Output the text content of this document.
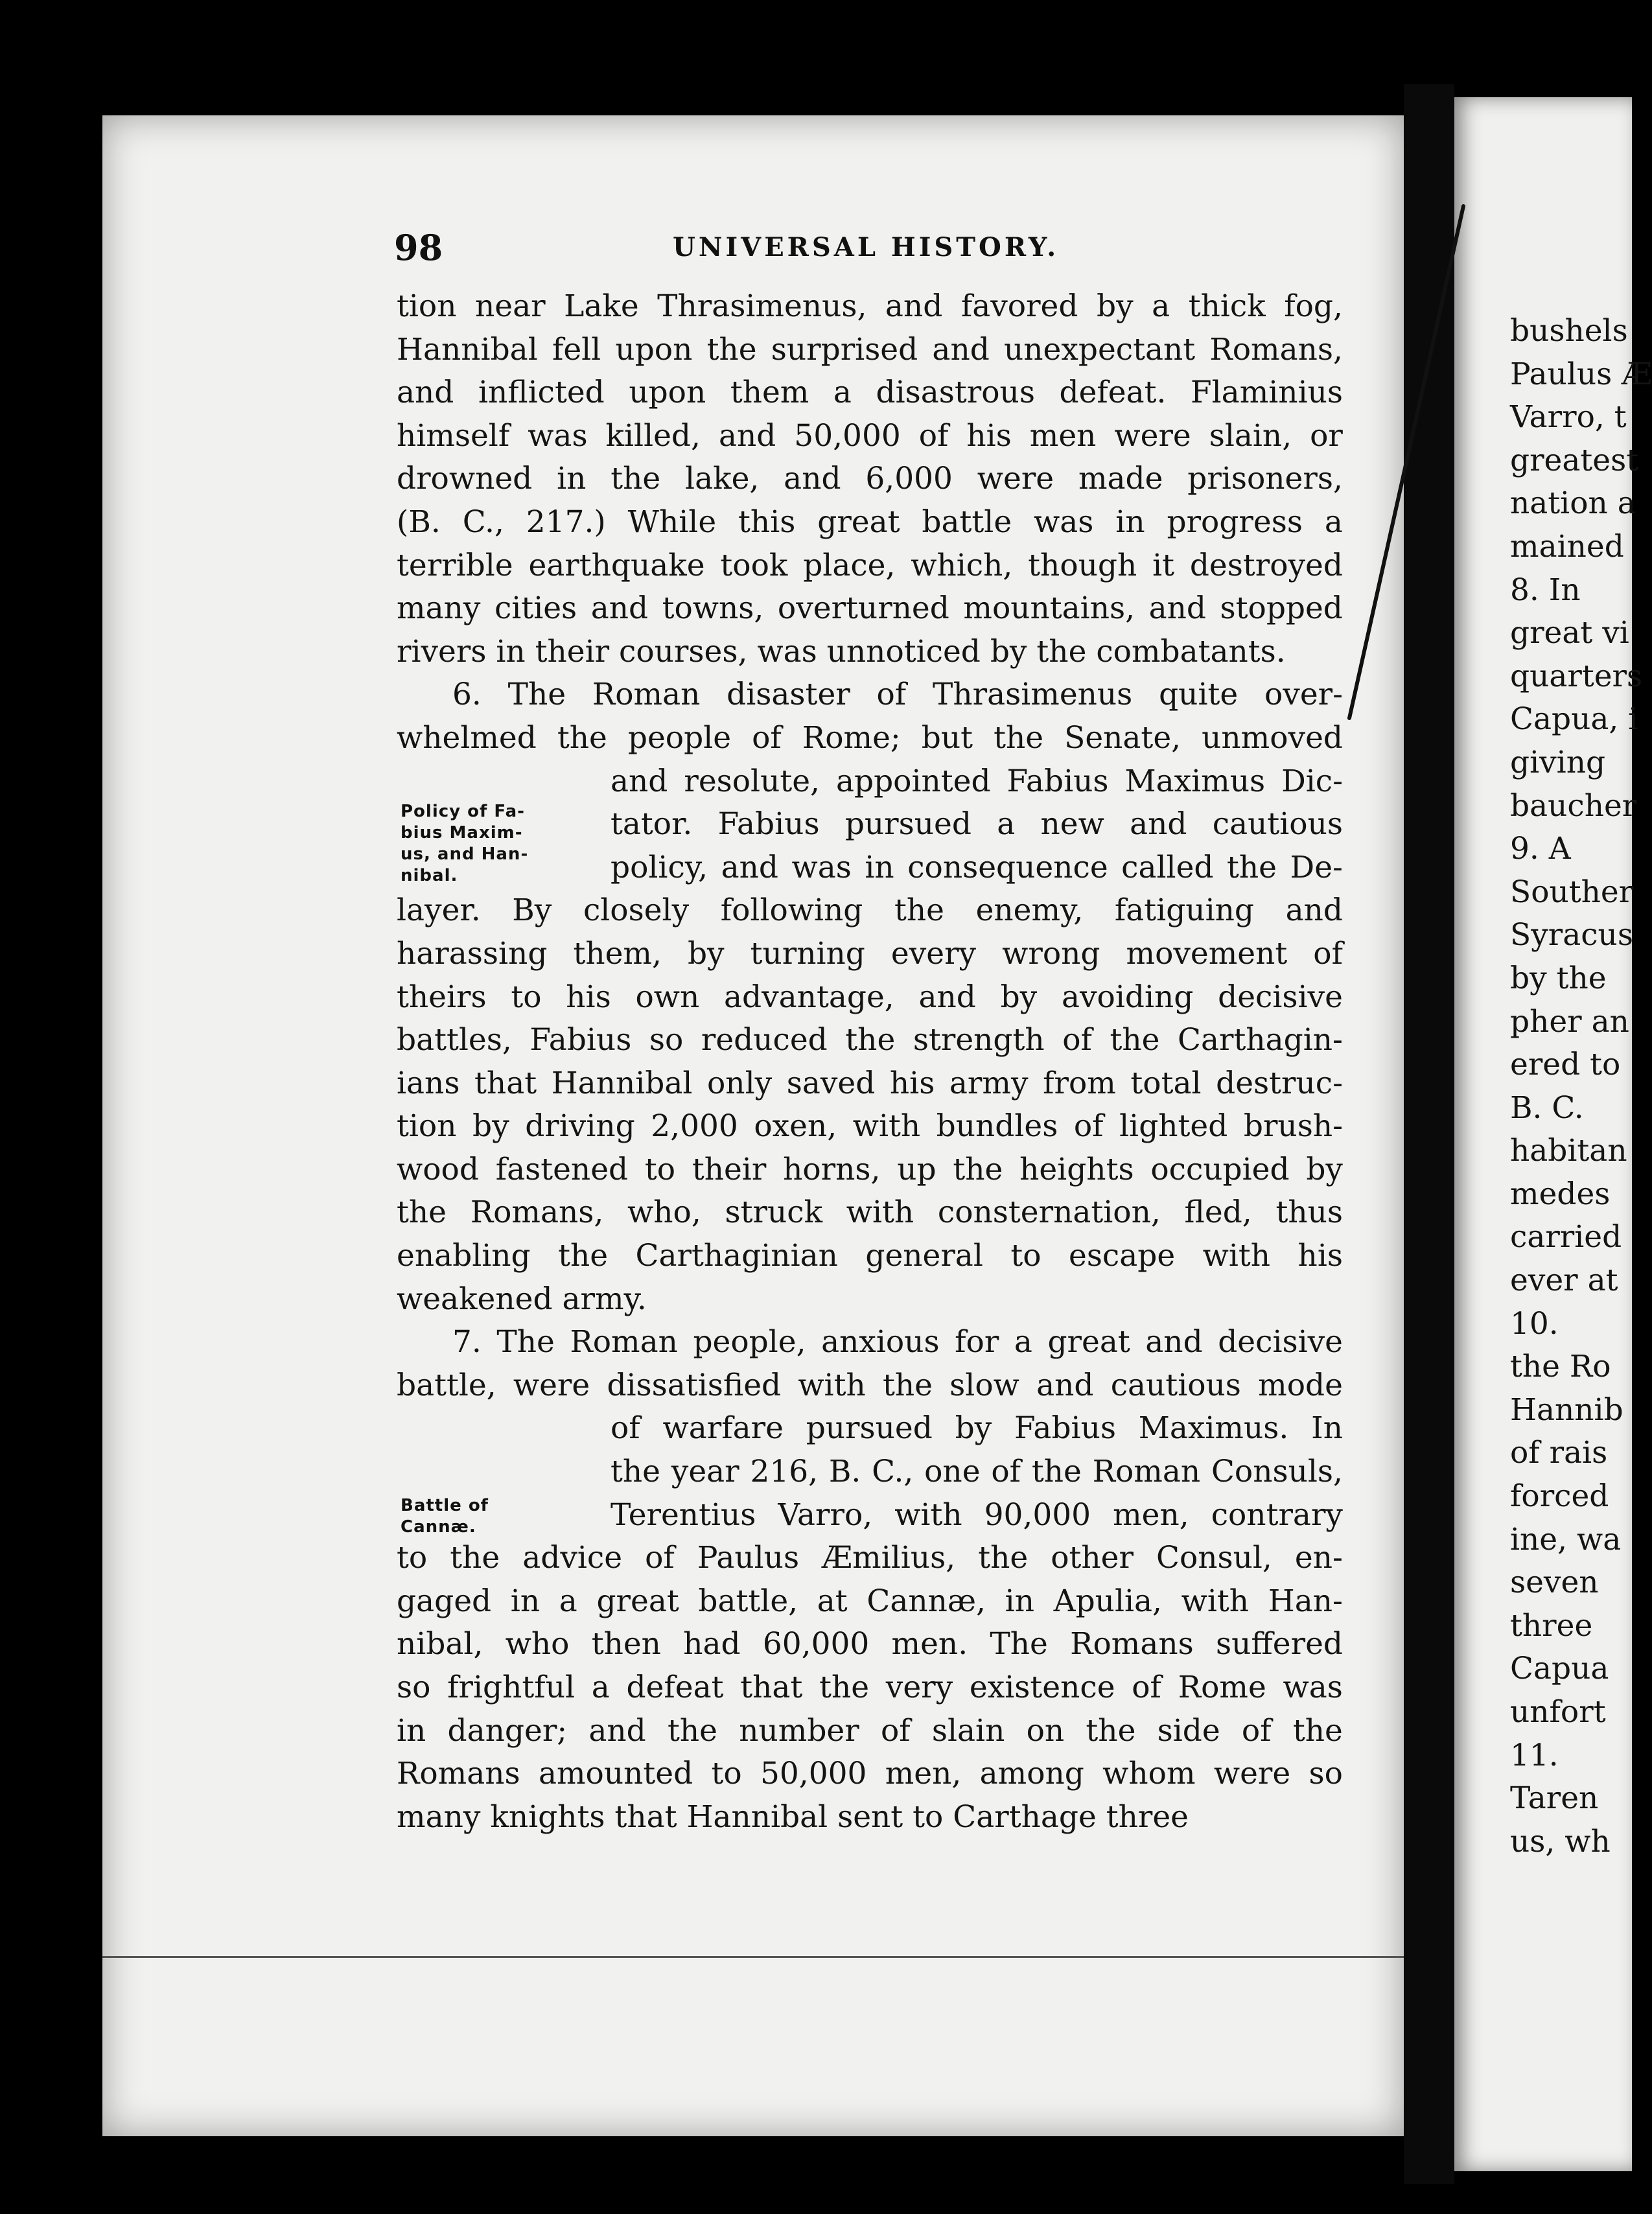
98	UNIVERSAL HISTORY.
tion near Lake Thrasimenus, and favored by a thick fog,
Hannibal fell upon the surprised and unexpectant Romans,
and inflicted upon them a disastrous defeat. Flaminius
himself was killed, and 50,000 of his men were slain, or
drowned in the lake, and 6,000 were made prisoners,
(B. C., 217.) While this great battle was in progress a
terrible earthquake took place, which, though it destroyed
many cities and towns, overturned mountains, and stopped
rivers in their courses, was unnoticed by the combatants.
6. The Roman disaster of Thrasimenus quite over-
whelmed the people of Rome; but the Senate, unmoved
and resolute, appointed Fabius Maximus Dic-
tator. Fabius pursued a new and cautious
policy, and was in consequence called the De-
layer. By closely following the enemy, fatiguing and
harassing them, by turning every wrong movement of
theirs to his own advantage, and by avoiding decisive
battles, Fabius so reduced the strength of the Carthagin-
ians that Hannibal only saved his army from total destruc-
tion by driving 2,000 oxen, with bundles of lighted brush-
wood fastened to their horns, up the heights occupied by
the Romans, who, struck with consternation, fled, thus
enabling the Carthaginian general to escape with his
weakened army.
7. The Roman people, anxious for a great and decisive
battle, were dissatisfied with the slow and cautious mode
of warfare pursued by Fabius Maximus. In
the year 216, B. C., one of the Roman Consuls,
Terentius Varro, with 90,000 men, contrary
to the advice of Paulus Æmilius, the other Consul, en-
gaged in a great battle, at Cannæ, in Apulia, with Han-
nibal, who then had 60,000 men. The Romans suffered
so frightful a defeat that the very existence of Rome was
in danger; and the number of slain on the side of the
Romans amounted to 50,000 men, among whom were so
many knights that Hannibal sent to Carthage three
Policy of Fa-
bius Maxim-
us, and Han-
nibal.
Battle of
Cannæ.
bushels
Paulus Æ
Varro, t
greatest
nation a
mained
8. In
great vi
quarters
Capua, i
giving
baucher
9. A
Souther
Syracus
by the
pher an
ered to
B. C.
habitan
medes
carried
ever at
10.
the Ro
Hannib
of rais
forced
ine, wa
seven
three
Capua
unfort
11.
Taren
us, wh
